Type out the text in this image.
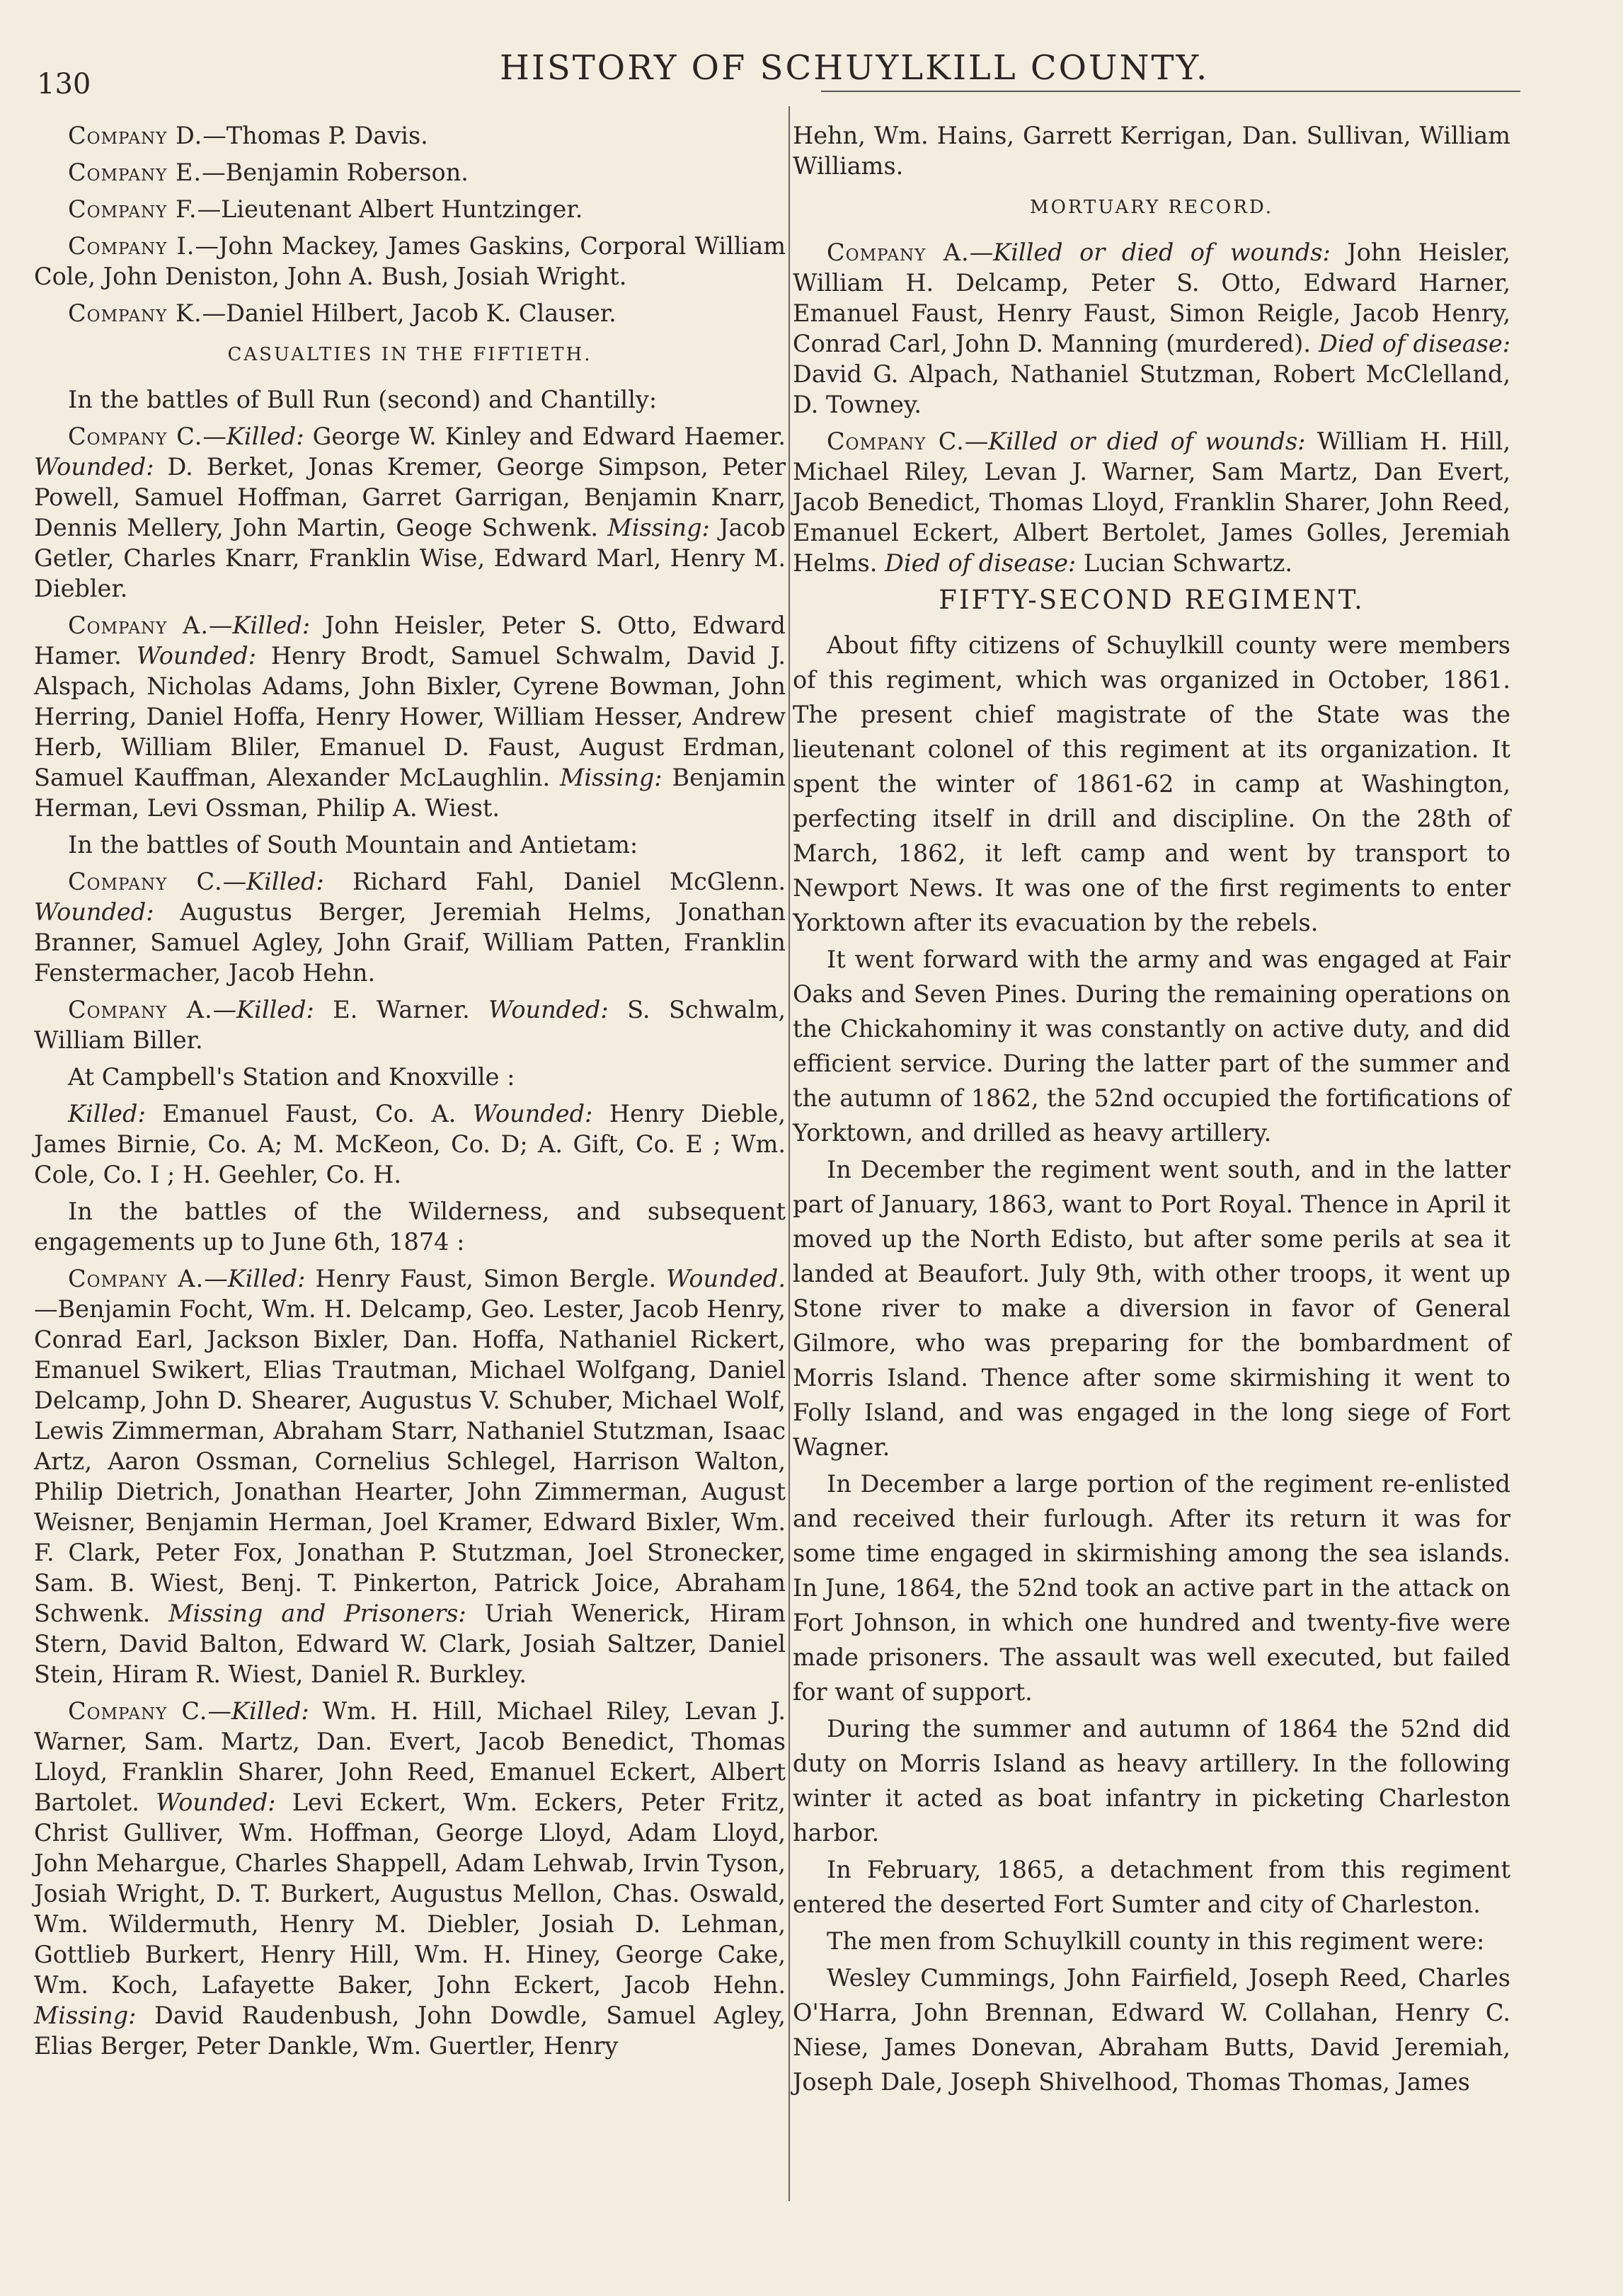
130	HISTORY OF SCHUYLKILL COUNTY.

Company D.—Thomas P. Davis.

Company E.—Benjamin Roberson.

Company F.—Lieutenant Albert Huntzinger.

Company I.—John Mackey, James Gaskins, Corporal William Cole, John Deniston, John A. Bush, Josiah Wright.

Company K.—Daniel Hilbert, Jacob K. Clauser.

CASUALTIES IN THE FIFTIETH.

In the battles of Bull Run (second) and Chantilly:

Company C.—Killed: George W. Kinley and Edward Haemer. Wounded: D. Berket, Jonas Kremer, George Simpson, Peter Powell, Samuel Hoffman, Garret Garrigan, Benjamin Knarr, Dennis Mellery, John Martin, Geoge Schwenk. Missing: Jacob Getler, Charles Knarr, Franklin Wise, Edward Marl, Henry M. Diebler.

Company A.—Killed: John Heisler, Peter S. Otto, Edward Hamer. Wounded: Henry Brodt, Samuel Schwalm, David J. Alspach, Nicholas Adams, John Bixler, Cyrene Bowman, John Herring, Daniel Hoffa, Henry Hower, William Hesser, Andrew Herb, William Bliler, Emanuel D. Faust, August Erdman, Samuel Kauffman, Alexander McLaughlin. Missing: Benjamin Herman, Levi Ossman, Philip A. Wiest.

In the battles of South Mountain and Antietam:

Company C.—Killed: Richard Fahl, Daniel McGlenn. Wounded: Augustus Berger, Jeremiah Helms, Jonathan Branner, Samuel Agley, John Graif, William Patten, Franklin Fenstermacher, Jacob Hehn.

Company A.—Killed: E. Warner. Wounded: S. Schwalm, William Biller.

At Campbell's Station and Knoxville :

Killed: Emanuel Faust, Co. A. Wounded: Henry Dieble, James Birnie, Co. A; M. McKeon, Co. D; A. Gift, Co. E ; Wm. Cole, Co. I ; H. Geehler, Co. H.

In the battles of the Wilderness, and subsequent engagements up to June 6th, 1874 :

Company A.—Killed: Henry Faust, Simon Bergle. Wounded.—Benjamin Focht, Wm. H. Delcamp, Geo. Lester, Jacob Henry, Conrad Earl, Jackson Bixler, Dan. Hoffa, Nathaniel Rickert, Emanuel Swikert, Elias Trautman, Michael Wolfgang, Daniel Delcamp, John D. Shearer, Augustus V. Schuber, Michael Wolf, Lewis Zimmerman, Abraham Starr, Nathaniel Stutzman, Isaac Artz, Aaron Ossman, Cornelius Schlegel, Harrison Walton, Philip Dietrich, Jonathan Hearter, John Zimmerman, August Weisner, Benjamin Herman, Joel Kramer, Edward Bixler, Wm. F. Clark, Peter Fox, Jonathan P. Stutzman, Joel Stronecker, Sam. B. Wiest, Benj. T. Pinkerton, Patrick Joice, Abraham Schwenk. Missing and Prisoners: Uriah Wenerick, Hiram Stern, David Balton, Edward W. Clark, Josiah Saltzer, Daniel Stein, Hiram R. Wiest, Daniel R. Burkley.

Company C.—Killed: Wm. H. Hill, Michael Riley, Levan J. Warner, Sam. Martz, Dan. Evert, Jacob Benedict, Thomas Lloyd, Franklin Sharer, John Reed, Emanuel Eckert, Albert Bartolet. Wounded: Levi Eckert, Wm. Eckers, Peter Fritz, Christ Gulliver, Wm. Hoffman, George Lloyd, Adam Lloyd, John Mehargue, Charles Shappell, Adam Lehwab, Irvin Tyson, Josiah Wright, D. T. Burkert, Augustus Mellon, Chas. Oswald, Wm. Wildermuth, Henry M. Diebler, Josiah D. Lehman, Gottlieb Burkert, Henry Hill, Wm. H. Hiney, George Cake, Wm. Koch, Lafayette Baker, John Eckert, Jacob Hehn. Missing: David Raudenbush, John Dowdle, Samuel Agley, Elias Berger, Peter Dankle, Wm. Guertler, Henry

Hehn, Wm. Hains, Garrett Kerrigan, Dan. Sullivan, William Williams.

MORTUARY RECORD.

Company A.—Killed or died of wounds: John Heisler, William H. Delcamp, Peter S. Otto, Edward Harner, Emanuel Faust, Henry Faust, Simon Reigle, Jacob Henry, Conrad Carl, John D. Manning (murdered). Died of disease: David G. Alpach, Nathaniel Stutzman, Robert McClelland, D. Towney.

Company C.—Killed or died of wounds: William H. Hill, Michael Riley, Levan J. Warner, Sam Martz, Dan Evert, Jacob Benedict, Thomas Lloyd, Franklin Sharer, John Reed, Emanuel Eckert, Albert Bertolet, James Golles, Jeremiah Helms. Died of disease: Lucian Schwartz.

FIFTY-SECOND REGIMENT.

About fifty citizens of Schuylkill county were members of this regiment, which was organized in October, 1861. The present chief magistrate of the State was the lieutenant colonel of this regiment at its organization. It spent the winter of 1861-62 in camp at Washington, perfecting itself in drill and discipline. On the 28th of March, 1862, it left camp and went by transport to Newport News. It was one of the first regiments to enter Yorktown after its evacuation by the rebels.

It went forward with the army and was engaged at Fair Oaks and Seven Pines. During the remaining operations on the Chickahominy it was constantly on active duty, and did efficient service. During the latter part of the summer and the autumn of 1862, the 52nd occupied the fortifications of Yorktown, and drilled as heavy artillery.

In December the regiment went south, and in the latter part of January, 1863, want to Port Royal. Thence in April it moved up the North Edisto, but after some perils at sea it landed at Beaufort. July 9th, with other troops, it went up Stone river to make a diversion in favor of General Gilmore, who was preparing for the bombardment of Morris Island. Thence after some skirmishing it went to Folly Island, and was engaged in the long siege of Fort Wagner.

In December a large portion of the regiment re-enlisted and received their furlough. After its return it was for some time engaged in skirmishing among the sea islands. In June, 1864, the 52nd took an active part in the attack on Fort Johnson, in which one hundred and twenty-five were made prisoners. The assault was well executed, but failed for want of support.

During the summer and autumn of 1864 the 52nd did duty on Morris Island as heavy artillery. In the following winter it acted as boat infantry in picketing Charleston harbor.

In February, 1865, a detachment from this regiment entered the deserted Fort Sumter and city of Charleston.

The men from Schuylkill county in this regiment were:

Wesley Cummings, John Fairfield, Joseph Reed, Charles O'Harra, John Brennan, Edward W. Collahan, Henry C. Niese, James Donevan, Abraham Butts, David Jeremiah, Joseph Dale, Joseph Shivelhood, Thomas Thomas, James
